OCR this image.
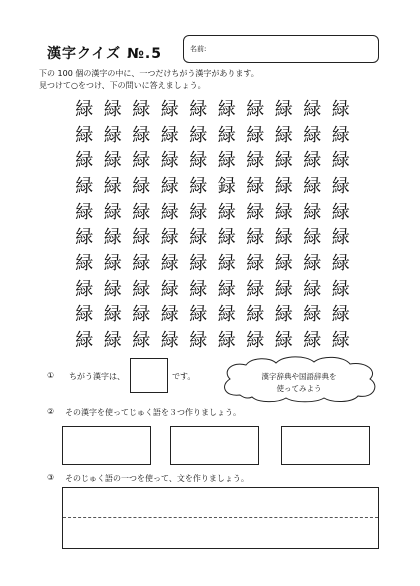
漢字クイズ №.5	名前:
下の 100 個の漢字の中に、一つだけちがう漢字があります。
見つけて○をつけ、下の問いに答えましょう。
緑 緑 緑 緑 緑 緑 緑 緑 緑 緑
緑 緑 緑 緑 緑 緑 緑 緑 緑 緑
緑 緑 緑 緑 緑 緑 緑 緑 緑 緑
緑 緑 緑 緑 緑 録 緑 緑 緑 緑
緑 緑 緑 緑 緑 緑 緑 緑 緑 緑
緑 緑 緑 緑 緑 緑 緑 緑 緑 緑
緑 緑 緑 緑 緑 緑 緑 緑 緑 緑
緑 緑 緑 緑 緑 緑 緑 緑 緑 緑
緑 緑 緑 緑 緑 緑 緑 緑 緑 緑
緑 緑 緑 緑 緑 緑 緑 緑 緑 緑
① ちがう漢字は、	です。	漢字辞典や国語辞典を
使ってみよう
② その漢字を使ってじゅく語を３つ作りましょう。
③ そのじゅく語の一つを使って、文を作りましょう。
